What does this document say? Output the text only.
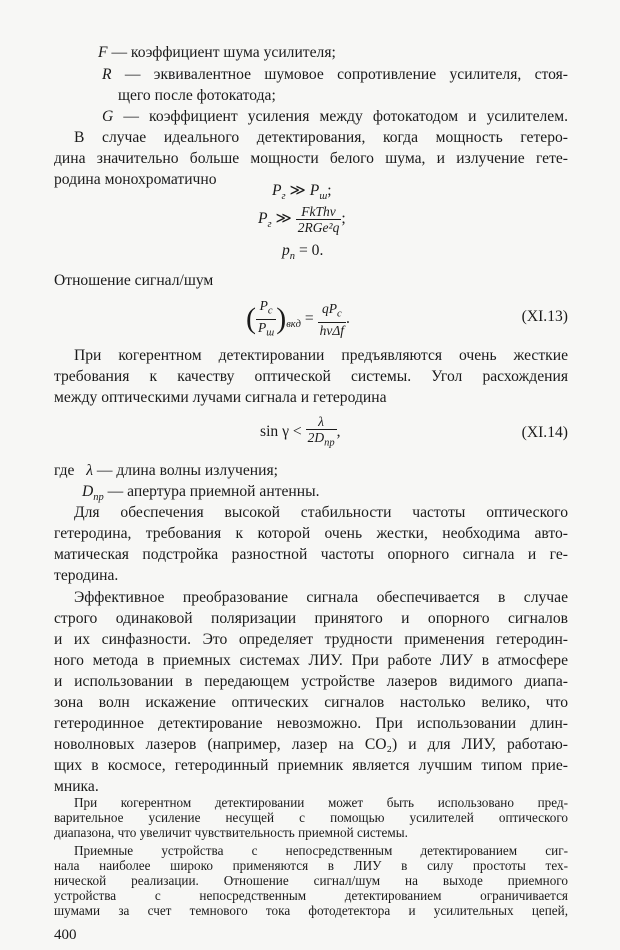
F — коэффициент шума усилителя;
R — эквивалентное шумовое сопротивление усилителя, стоя-
щего после фотокатода;
G — коэффициент усиления между фотокатодом и усилителем.
В случае идеального детектирования, когда мощность гетеро-
дина значительно больше мощности белого шума, и излучение гете-
родина монохроматично
$P_г$ ≫ $P_ш$;
$P_г$ ≫ $\frac{\text{FkThν}}{\text{2RGe²q}}$ ;
$p_п = 0$.
Отношение сигнал/шум
( $\frac{P_c}{P_ш} )_{вкд} = \frac{qP_c}{\text{hνΔf}}$ .	(XI.13)
При когерентном детектировании предъявляются очень жесткие
требования к качеству оптической системы. Угол расхождения
между оптическими лучами сигнала и гетеродина
$\sin \gamma < \frac{\lambda}{2D_{пр}}$ ,	(XI.14)
где λ — длина волны излучения;
$D_{пр}$ — апертура приемной антенны.
Для обеспечения высокой стабильности частоты оптического
гетеродина, требования к которой очень жестки, необходима авто-
матическая подстройка разностной частоты опорного сигнала и ге-
теродина.
Эффективное преобразование сигнала обеспечивается в случае
строго одинаковой поляризации принятого и опорного сигналов
и их синфазности. Это определяет трудности применения гетеродин-
ного метода в приемных системах ЛИУ. При работе ЛИУ в атмосфере
и использовании в передающем устройстве лазеров видимого диапа-
зона волн искажение оптических сигналов настолько велико, что
гетеродинное детектирование невозможно. При использовании длин-
новолновых лазеров (например, лазер на CO₂) и для ЛИУ, работаю-
щих в космосе, гетеродинный приемник является лучшим типом прие-
мника.
При когерентном детектировании может быть использовано пред-
варительное усиление несущей с помощью усилителей оптического
диапазона, что увеличит чувствительность приемной системы.
400
Приемные устройства с непосредственным детектированием сиг-
нала наиболее широко применяются в ЛИУ в силу простоты тех-
нической реализации. Отношение сигнал/шум на выходе приемного
устройства с непосредственным детектированием ограничивается
шумами за счет темнового тока фотодетектора и усилительных цепей,
